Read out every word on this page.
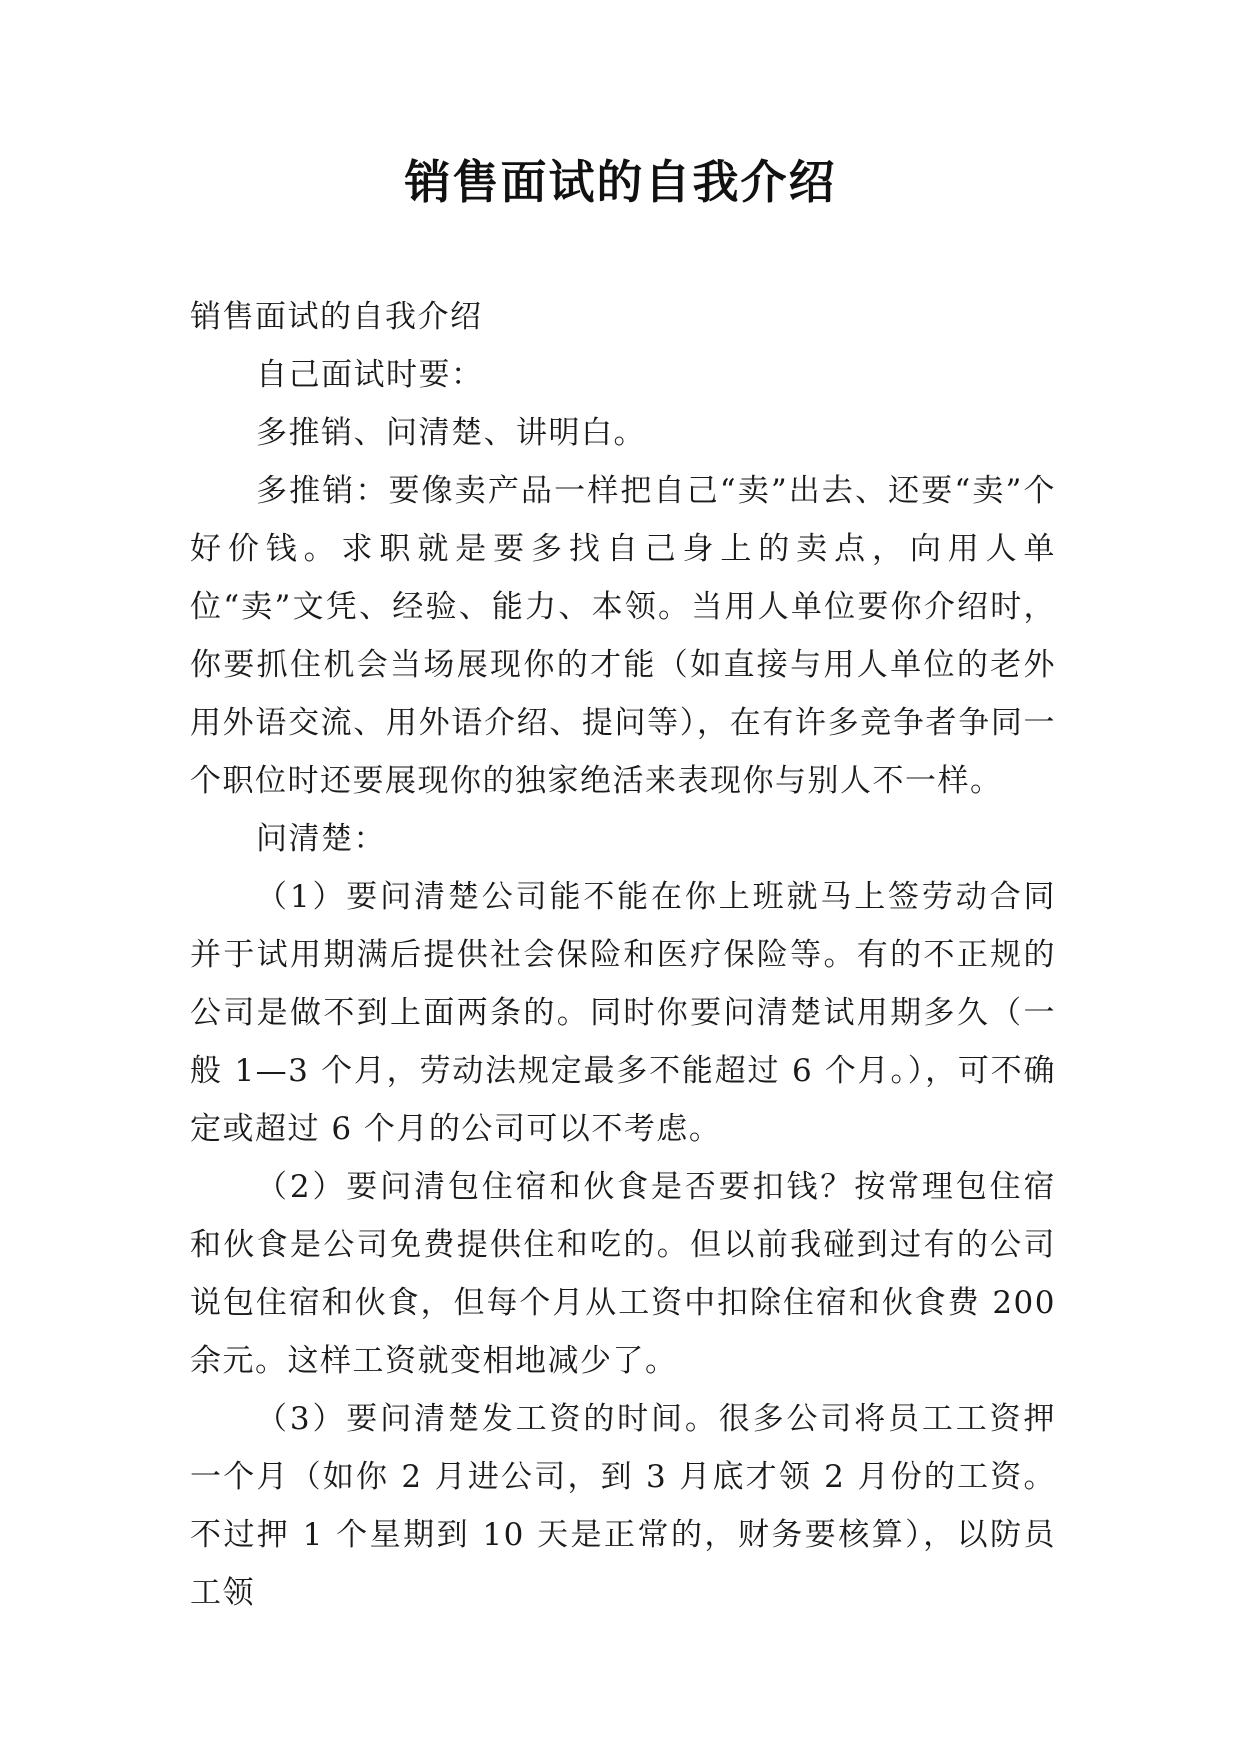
销售面试的自我介绍

销售面试的自我介绍

自己面试时要：

多推销、问清楚、讲明白。

多推销：要像卖产品一样把自己“卖”出去、还要“卖”个好价钱。求职就是要多找自己身上的卖点，向用人单位“卖”文凭、经验、能力、本领。当用人单位要你介绍时，你要抓住机会当场展现你的才能（如直接与用人单位的老外用外语交流、用外语介绍、提问等），在有许多竞争者争同一个职位时还要展现你的独家绝活来表现你与别人不一样。

问清楚：

（1）要问清楚公司能不能在你上班就马上签劳动合同并于试用期满后提供社会保险和医疗保险等。有的不正规的公司是做不到上面两条的。同时你要问清楚试用期多久（一般 1—3 个月，劳动法规定最多不能超过 6 个月。），可不确定或超过 6 个月的公司可以不考虑。

（2）要问清包住宿和伙食是否要扣钱？按常理包住宿和伙食是公司免费提供住和吃的。但以前我碰到过有的公司说包住宿和伙食，但每个月从工资中扣除住宿和伙食费 200 余元。这样工资就变相地减少了。

（3）要问清楚发工资的时间。很多公司将员工工资押一个月（如你 2 月进公司，到 3 月底才领 2 月份的工资。不过押 1 个星期到 10 天是正常的，财务要核算），以防员工领
